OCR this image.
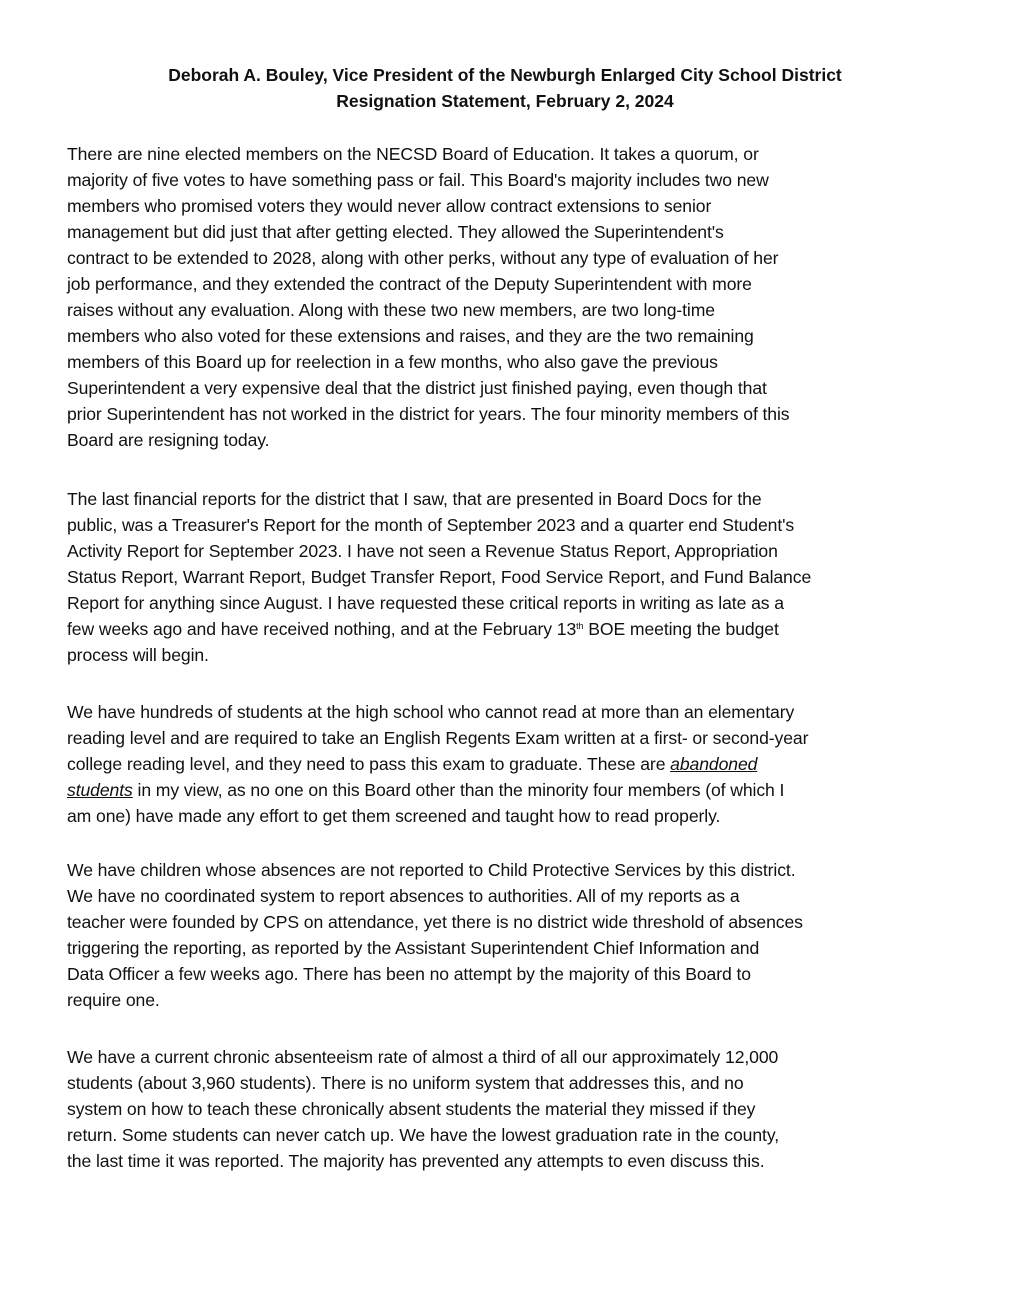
Deborah A. Bouley, Vice President of the Newburgh Enlarged City School District
Resignation Statement, February 2, 2024
There are nine elected members on the NECSD Board of Education. It takes a quorum, or
majority of five votes to have something pass or fail. This Board's majority includes two new
members who promised voters they would never allow contract extensions to senior
management but did just that after getting elected. They allowed the Superintendent's
contract to be extended to 2028, along with other perks, without any type of evaluation of her
job performance, and they extended the contract of the Deputy Superintendent with more
raises without any evaluation. Along with these two new members, are two long-time
members who also voted for these extensions and raises, and they are the two remaining
members of this Board up for reelection in a few months, who also gave the previous
Superintendent a very expensive deal that the district just finished paying, even though that
prior Superintendent has not worked in the district for years. The four minority members of this
Board are resigning today.
The last financial reports for the district that I saw, that are presented in Board Docs for the
public, was a Treasurer's Report for the month of September 2023 and a quarter end Student's
Activity Report for September 2023. I have not seen a Revenue Status Report, Appropriation
Status Report, Warrant Report, Budget Transfer Report, Food Service Report, and Fund Balance
Report for anything since August. I have requested these critical reports in writing as late as a
few weeks ago and have received nothing, and at the February 13th BOE meeting the budget
process will begin.
We have hundreds of students at the high school who cannot read at more than an elementary
reading level and are required to take an English Regents Exam written at a first- or second-year
college reading level, and they need to pass this exam to graduate. These are abandoned
students in my view, as no one on this Board other than the minority four members (of which I
am one) have made any effort to get them screened and taught how to read properly.
We have children whose absences are not reported to Child Protective Services by this district.
We have no coordinated system to report absences to authorities. All of my reports as a
teacher were founded by CPS on attendance, yet there is no district wide threshold of absences
triggering the reporting, as reported by the Assistant Superintendent Chief Information and
Data Officer a few weeks ago. There has been no attempt by the majority of this Board to
require one.
We have a current chronic absenteeism rate of almost a third of all our approximately 12,000
students (about 3,960 students). There is no uniform system that addresses this, and no
system on how to teach these chronically absent students the material they missed if they
return. Some students can never catch up. We have the lowest graduation rate in the county,
the last time it was reported. The majority has prevented any attempts to even discuss this.
